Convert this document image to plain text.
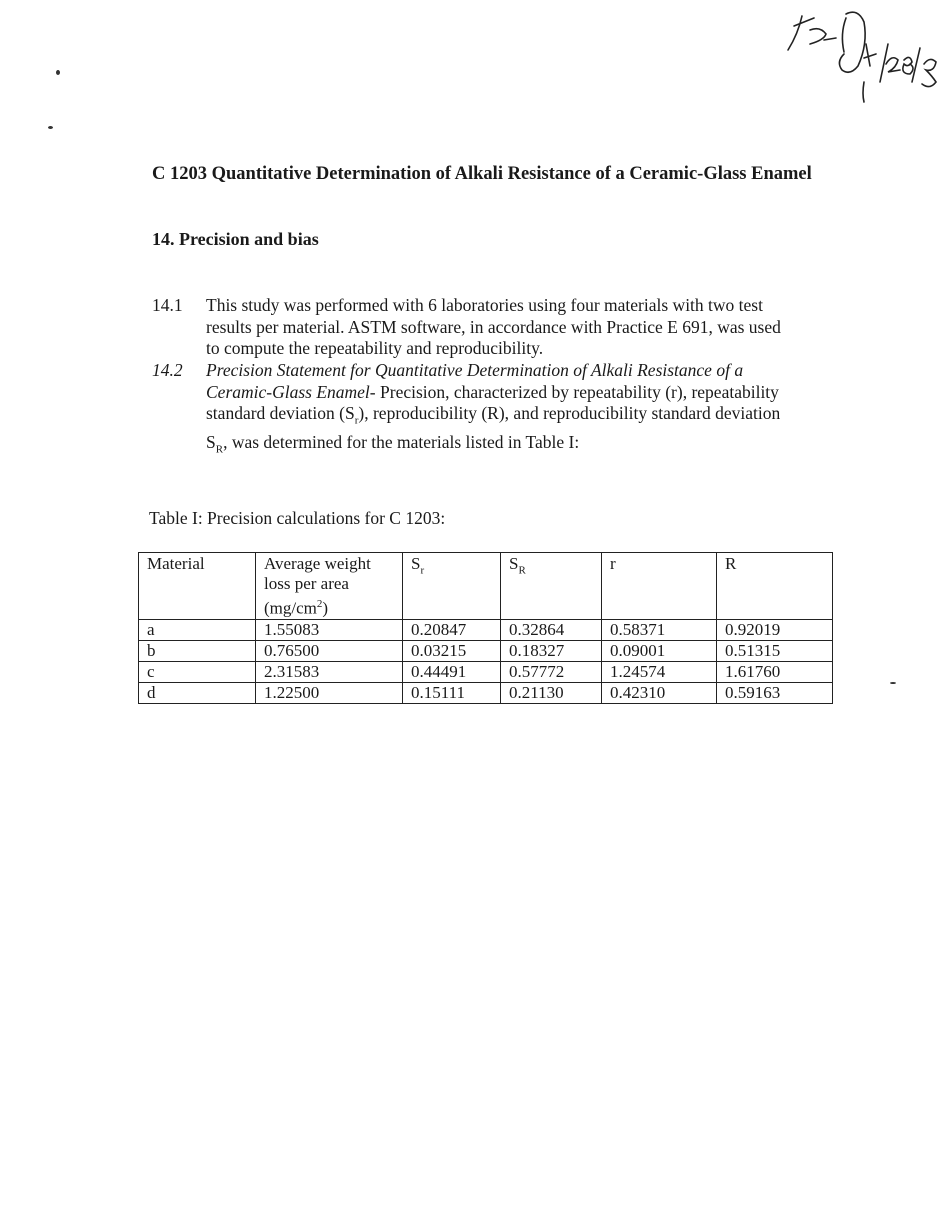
C 1203 Quantitative Determination of Alkali Resistance of a Ceramic-Glass Enamel
14. Precision and bias
14.1 This study was performed with 6 laboratories using four materials with two test
results per material. ASTM software, in accordance with Practice E 691, was used
to compute the repeatability and reproducibility.
14.2 Precision Statement for Quantitative Determination of Alkali Resistance of a
Ceramic-Glass Enamel- Precision, characterized by repeatability (r), repeatability
standard deviation $(S_r)$, reproducibility (R), and reproducibility standard deviation
$S_R$, was determined for the materials listed in Table I:
Table I: Precision calculations for C 1203:
Material	Average weight
loss per area
$(mg/cm^2)$	$S_r$	$S_R$	r	R
a	1.55083	0.20847	0.32864	0.58371	0.92019
b	0.76500	0.03215	0.18327	0.09001	0.51315
c	2.31583	0.44491	0.57772	1.24574	1.61760
d	1.22500	0.15111	0.21130	0.42310	0.59163
